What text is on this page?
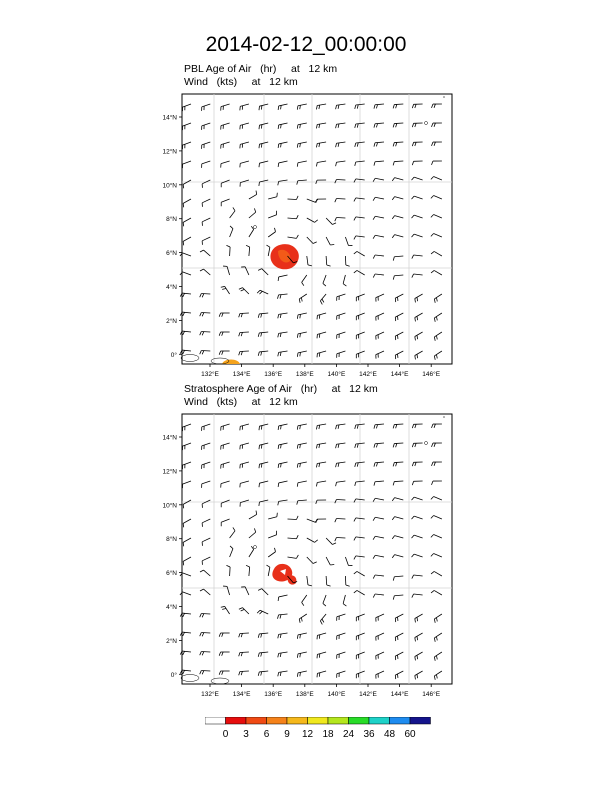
2014-02-12_00:00:00
PBL Age of Air   (hr)     at   12 km
Wind   (kts)     at   12 km
132°E 134°E 136°E 138°E 140°E 142°E 144°E 146°E
14°N
12°N
10°N
8°N
6°N
4°N
2°N
0°
°
Stratosphere Age of Air   (hr)     at   12 km
Wind   (kts)     at   12 km
132°E 134°E 136°E 138°E 140°E 142°E 144°E 146°E
14°N
12°N
10°N
8°N
6°N
4°N
2°N
0°
°
0 3 6 9 12 18 24 36 48 60
